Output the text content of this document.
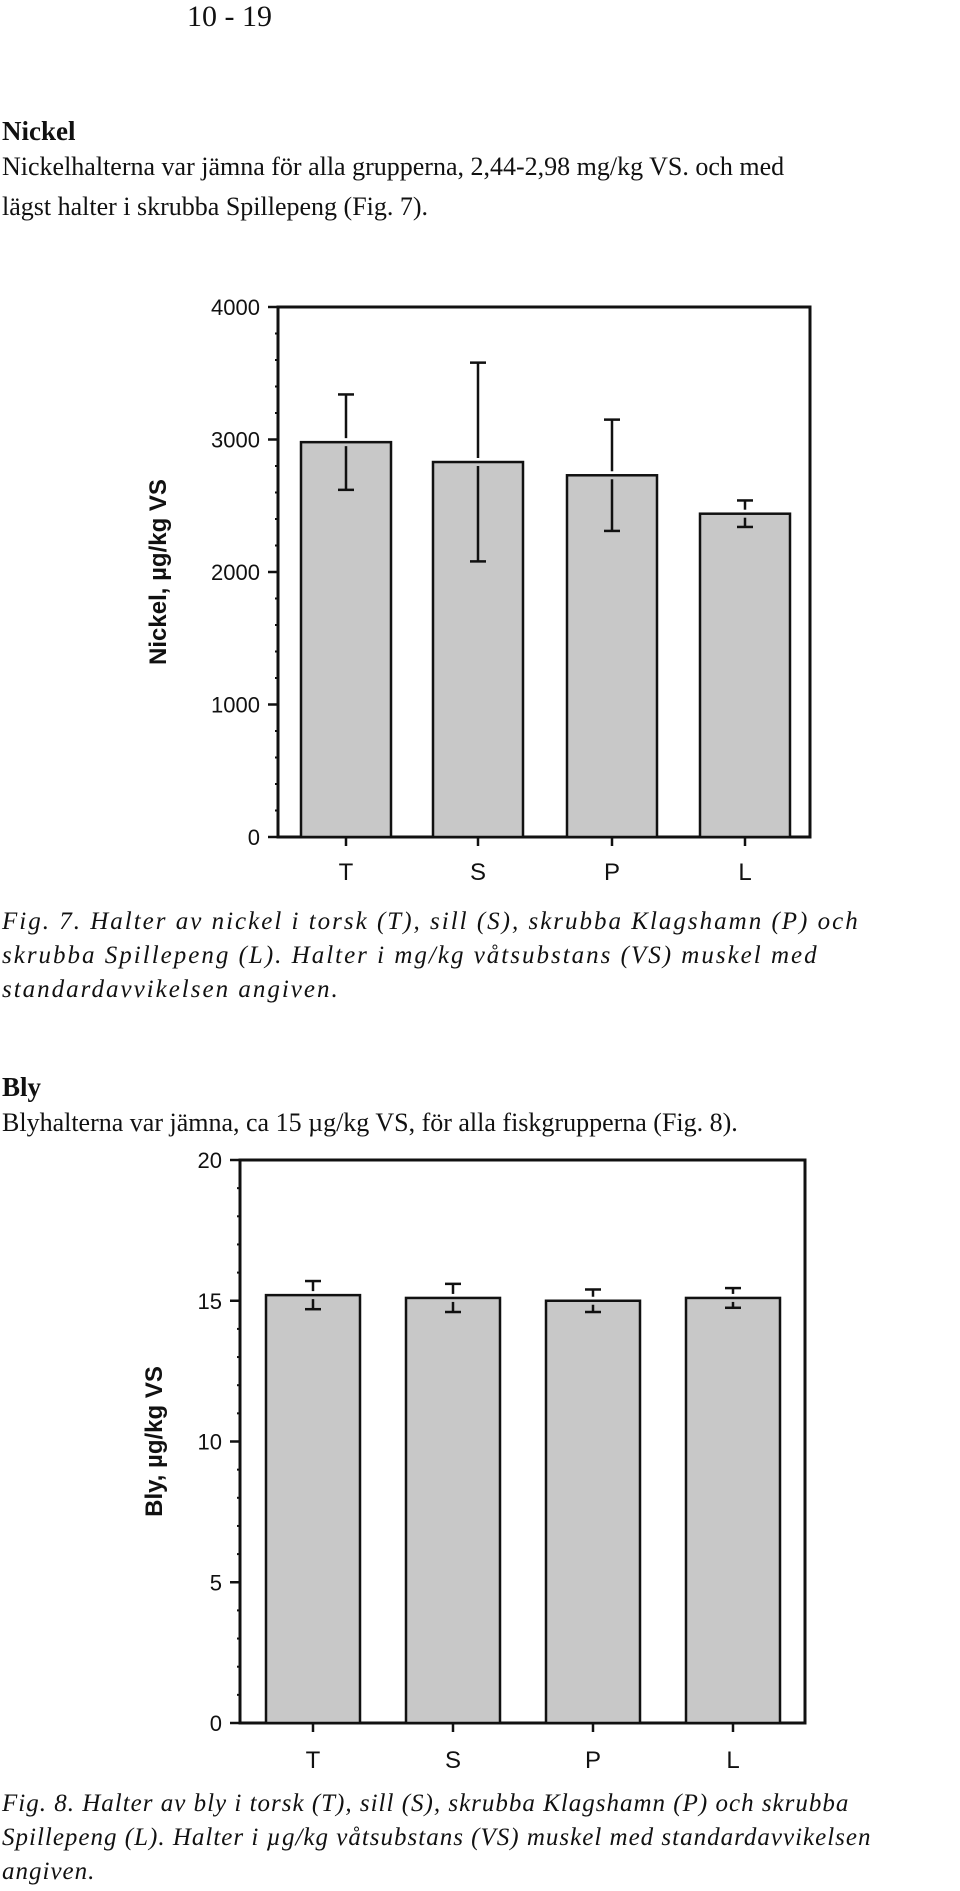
10 - 19
Nickel
Nickelhalterna var jämna för alla grupperna, 2,44-2,98 mg/kg VS. och med
lägst halter i skrubba Spillepeng (Fig. 7).
0
1000
2000
3000
4000
Nickel, µg/kg VS
T	S	P	L
Fig. 7. Halter av nickel i torsk (T), sill (S), skrubba Klagshamn (P) och skrubba Spillepeng (L). Halter i mg/kg våtsubstans (VS) muskel med standardavvikelsen angiven.
Bly
Blyhalterna var jämna, ca 15 µg/kg VS, för alla fiskgrupperna (Fig. 8).
0
5
10
15
20
Bly, µg/kg VS
T	S	P	L
Fig. 8. Halter av bly i torsk (T), sill (S), skrubba Klagshamn (P) och skrubba Spillepeng (L). Halter i µg/kg våtsubstans (VS) muskel med standardavvikelsen angiven.
